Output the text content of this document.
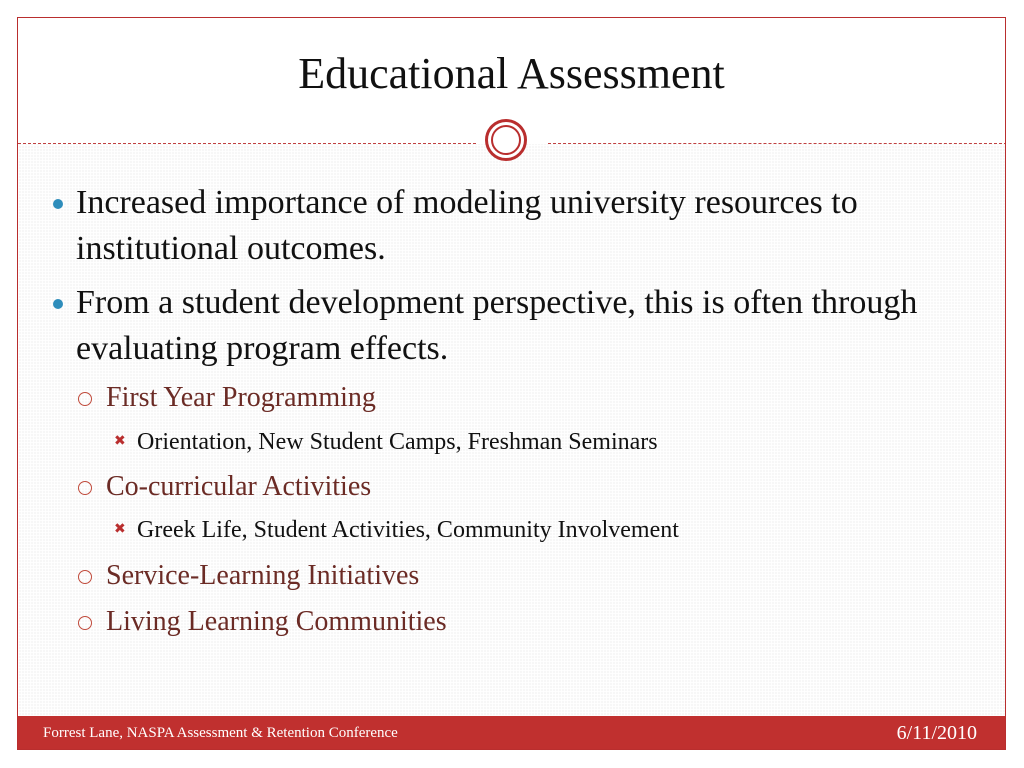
Educational Assessment
Increased importance of modeling university resources to institutional outcomes.
From a student development perspective, this is often through evaluating program effects.
First Year Programming
✖ Orientation, New Student Camps, Freshman Seminars
Co-curricular Activities
✖ Greek Life, Student Activities, Community Involvement
Service-Learning Initiatives
Living Learning Communities
Forrest Lane, NASPA Assessment & Retention Conference	6/11/2010
